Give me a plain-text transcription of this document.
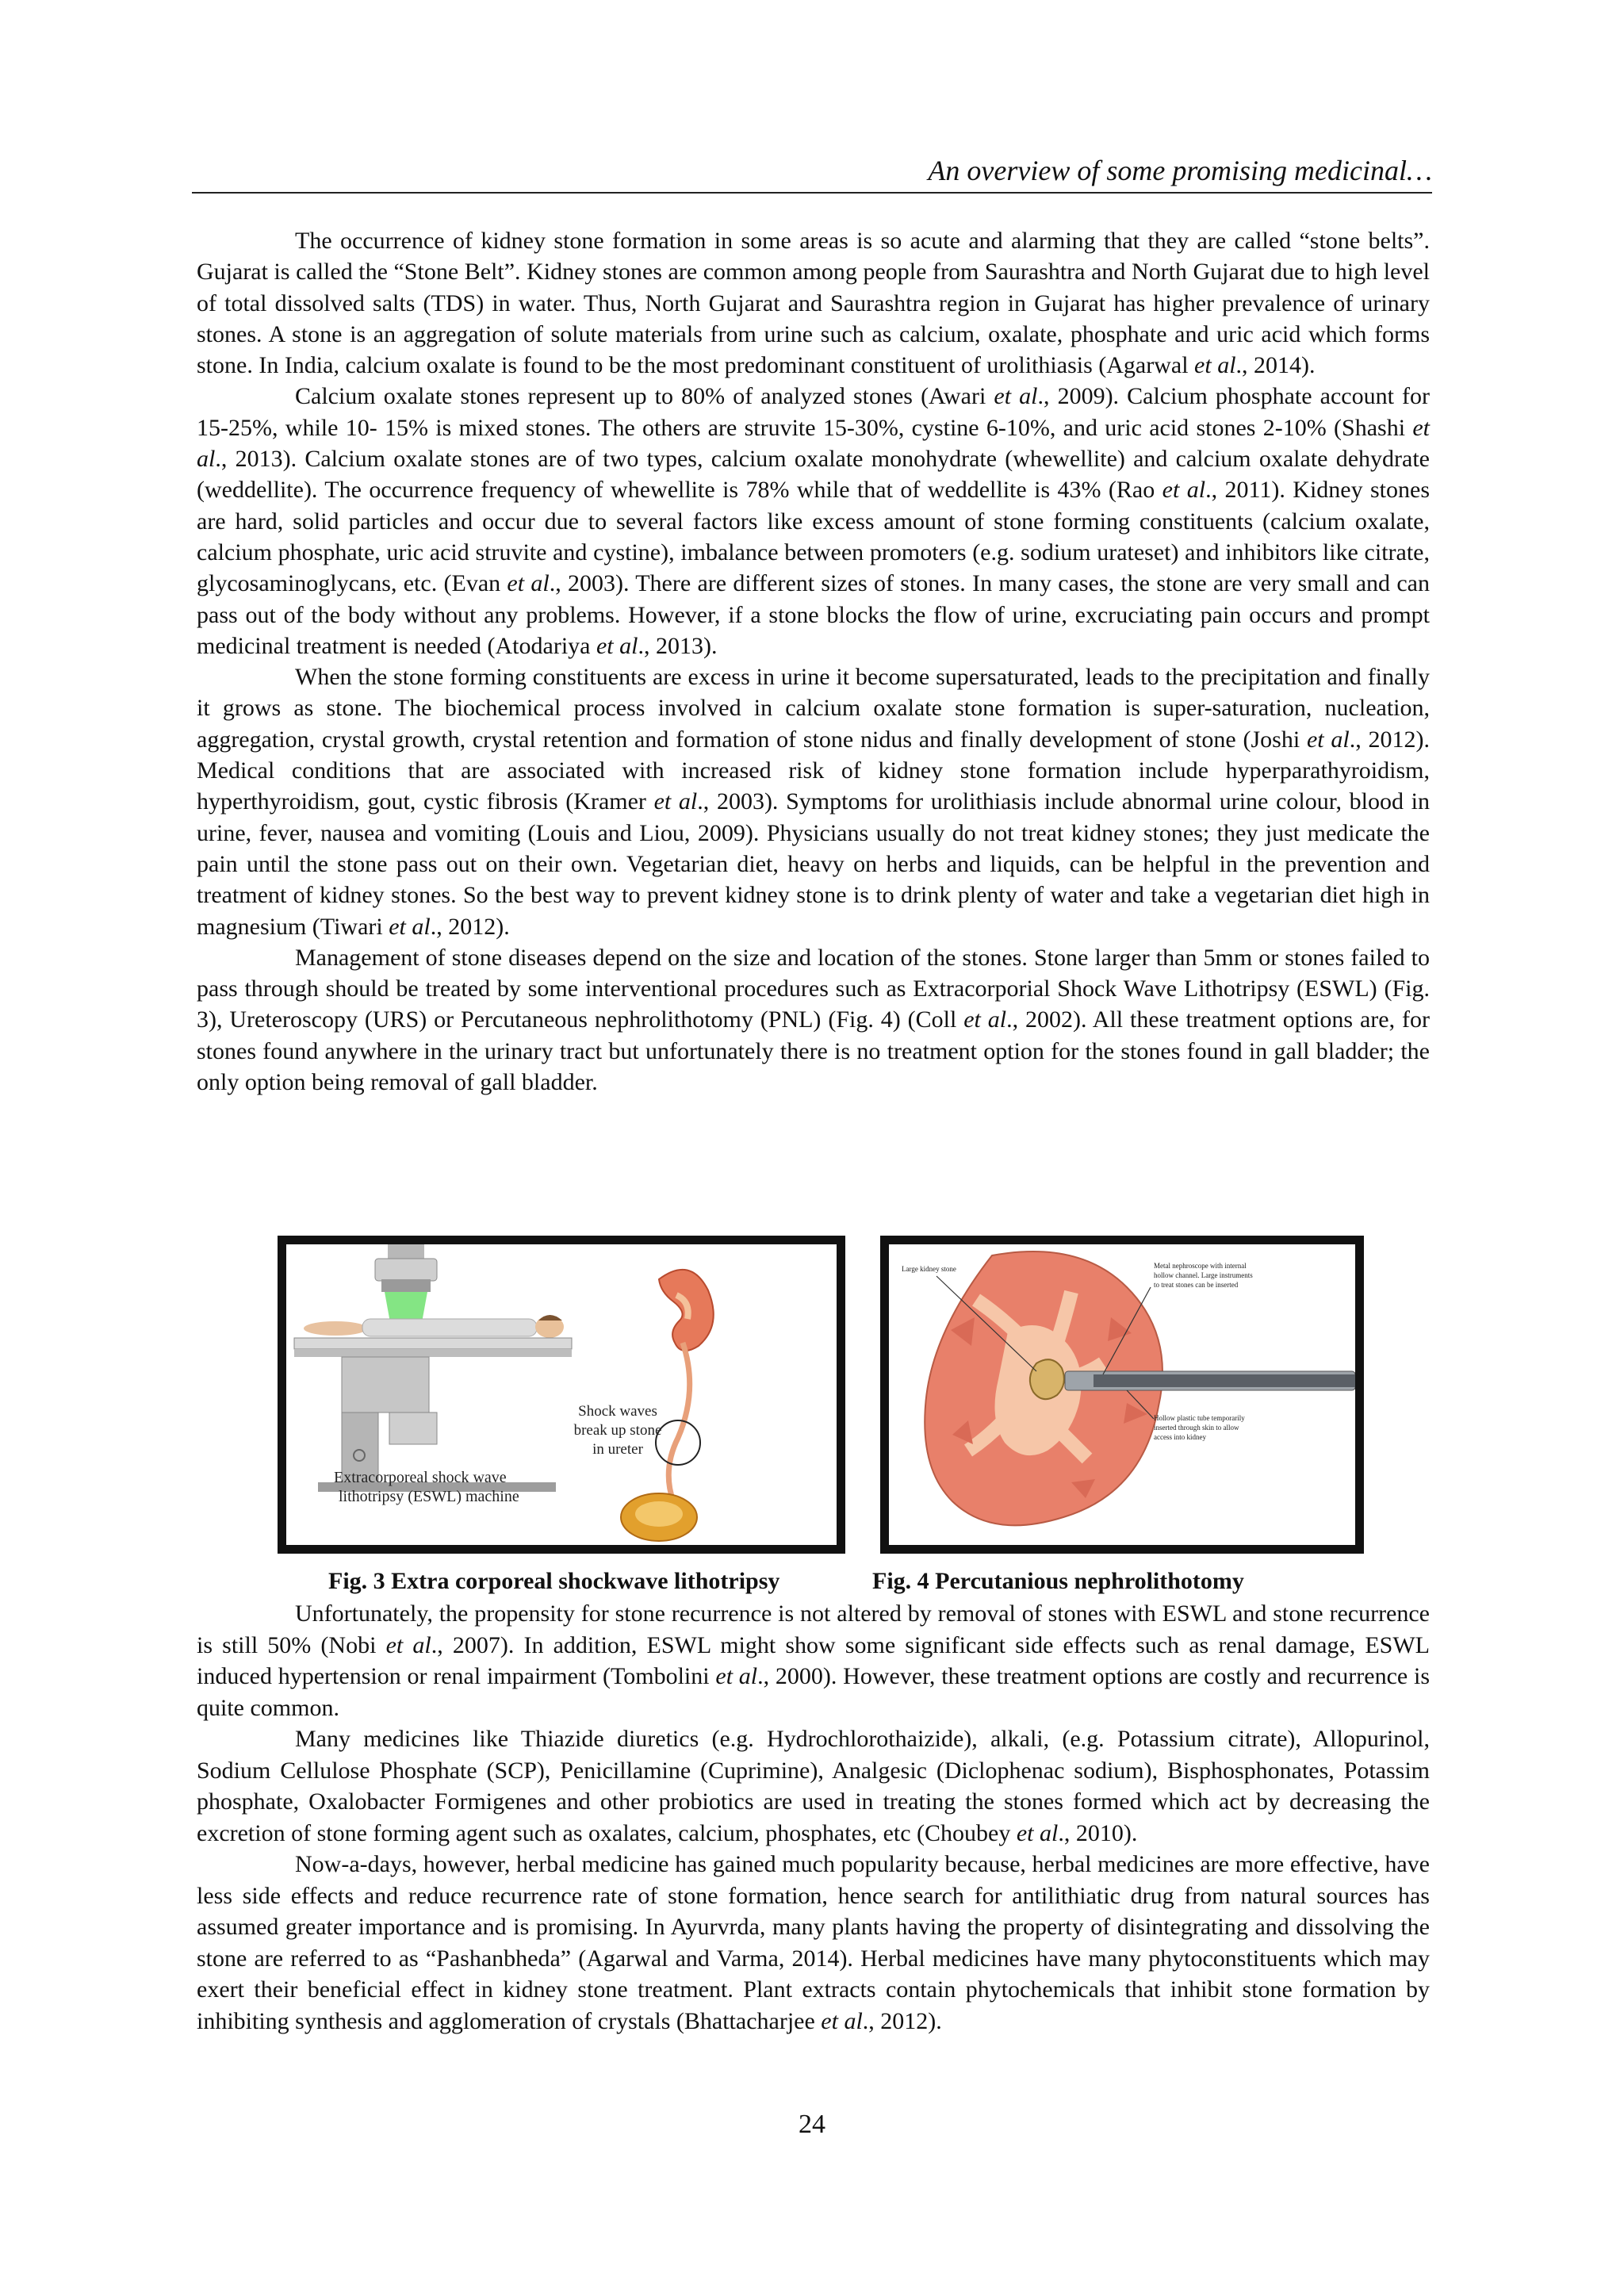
An overview of some promising medicinal…

The occurrence of kidney stone formation in some areas is so acute and alarming that they are called “stone belts”. Gujarat is called the “Stone Belt”. Kidney stones are common among people from Saurashtra and North Gujarat due to high level of total dissolved salts (TDS) in water. Thus, North Gujarat and Saurashtra region in Gujarat has higher prevalence of urinary stones. A stone is an aggregation of solute materials from urine such as calcium, oxalate, phosphate and uric acid which forms stone. In India, calcium oxalate is found to be the most predominant constituent of urolithiasis (Agarwal et al., 2014).

Calcium oxalate stones represent up to 80% of analyzed stones (Awari et al., 2009). Calcium phosphate account for 15-25%, while 10- 15% is mixed stones. The others are struvite 15-30%, cystine 6-10%, and uric acid stones 2-10% (Shashi et al., 2013). Calcium oxalate stones are of two types, calcium oxalate monohydrate (whewellite) and calcium oxalate dehydrate (weddellite). The occurrence frequency of whewellite is 78% while that of weddellite is 43% (Rao et al., 2011). Kidney stones are hard, solid particles and occur due to several factors like excess amount of stone forming constituents (calcium oxalate, calcium phosphate, uric acid struvite and cystine), imbalance between promoters (e.g. sodium urateset) and inhibitors like citrate, glycosaminoglycans, etc. (Evan et al., 2003). There are different sizes of stones. In many cases, the stone are very small and can pass out of the body without any problems. However, if a stone blocks the flow of urine, excruciating pain occurs and prompt medicinal treatment is needed (Atodariya et al., 2013).

When the stone forming constituents are excess in urine it become supersaturated, leads to the precipitation and finally it grows as stone. The biochemical process involved in calcium oxalate stone formation is super-saturation, nucleation, aggregation, crystal growth, crystal retention and formation of stone nidus and finally development of stone (Joshi et al., 2012). Medical conditions that are associated with increased risk of kidney stone formation include hyperparathyroidism, hyperthyroidism, gout, cystic fibrosis (Kramer et al., 2003). Symptoms for urolithiasis include abnormal urine colour, blood in urine, fever, nausea and vomiting (Louis and Liou, 2009). Physicians usually do not treat kidney stones; they just medicate the pain until the stone pass out on their own. Vegetarian diet, heavy on herbs and liquids, can be helpful in the prevention and treatment of kidney stones. So the best way to prevent kidney stone is to drink plenty of water and take a vegetarian diet high in magnesium (Tiwari et al., 2012).

Management of stone diseases depend on the size and location of the stones. Stone larger than 5mm or stones failed to pass through should be treated by some interventional procedures such as Extracorporial Shock Wave Lithotripsy (ESWL) (Fig. 3), Ureteroscopy (URS) or Percutaneous nephrolithotomy (PNL) (Fig. 4) (Coll et al., 2002). All these treatment options are, for stones found anywhere in the urinary tract but unfortunately there is no treatment option for the stones found in gall bladder; the only option being removal of gall bladder.

Extracorporeal shock wave
lithotripsy (ESWL) machine
Shock waves
break up stone
in ureter
Large kidney stone	Metal nephroscope with internal
hollow channel. Large instruments
to treat stones can be inserted
Hollow plastic tube temporarily
inserted through skin to allow
access into kidney
Fig. 3 Extra corporeal shockwave lithotripsy	Fig. 4 Percutanious nephrolithotomy

Unfortunately, the propensity for stone recurrence is not altered by removal of stones with ESWL and stone recurrence is still 50% (Nobi et al., 2007). In addition, ESWL might show some significant side effects such as renal damage, ESWL induced hypertension or renal impairment (Tombolini et al., 2000). However, these treatment options are costly and recurrence is quite common.

Many medicines like Thiazide diuretics (e.g. Hydrochlorothaizide), alkali, (e.g. Potassium citrate), Allopurinol, Sodium Cellulose Phosphate (SCP), Penicillamine (Cuprimine), Analgesic (Diclophenac sodium), Bisphosphonates, Potassim phosphate, Oxalobacter Formigenes and other probiotics are used in treating the stones formed which act by decreasing the excretion of stone forming agent such as oxalates, calcium, phosphates, etc (Choubey et al., 2010).

Now-a-days, however, herbal medicine has gained much popularity because, herbal medicines are more effective, have less side effects and reduce recurrence rate of stone formation, hence search for antilithiatic drug from natural sources has assumed greater importance and is promising. In Ayurvrda, many plants having the property of disintegrating and dissolving the stone are referred to as “Pashanbheda” (Agarwal and Varma, 2014). Herbal medicines have many phytoconstituents which may exert their beneficial effect in kidney stone treatment. Plant extracts contain phytochemicals that inhibit stone formation by inhibiting synthesis and agglomeration of crystals (Bhattacharjee et al., 2012).

24
